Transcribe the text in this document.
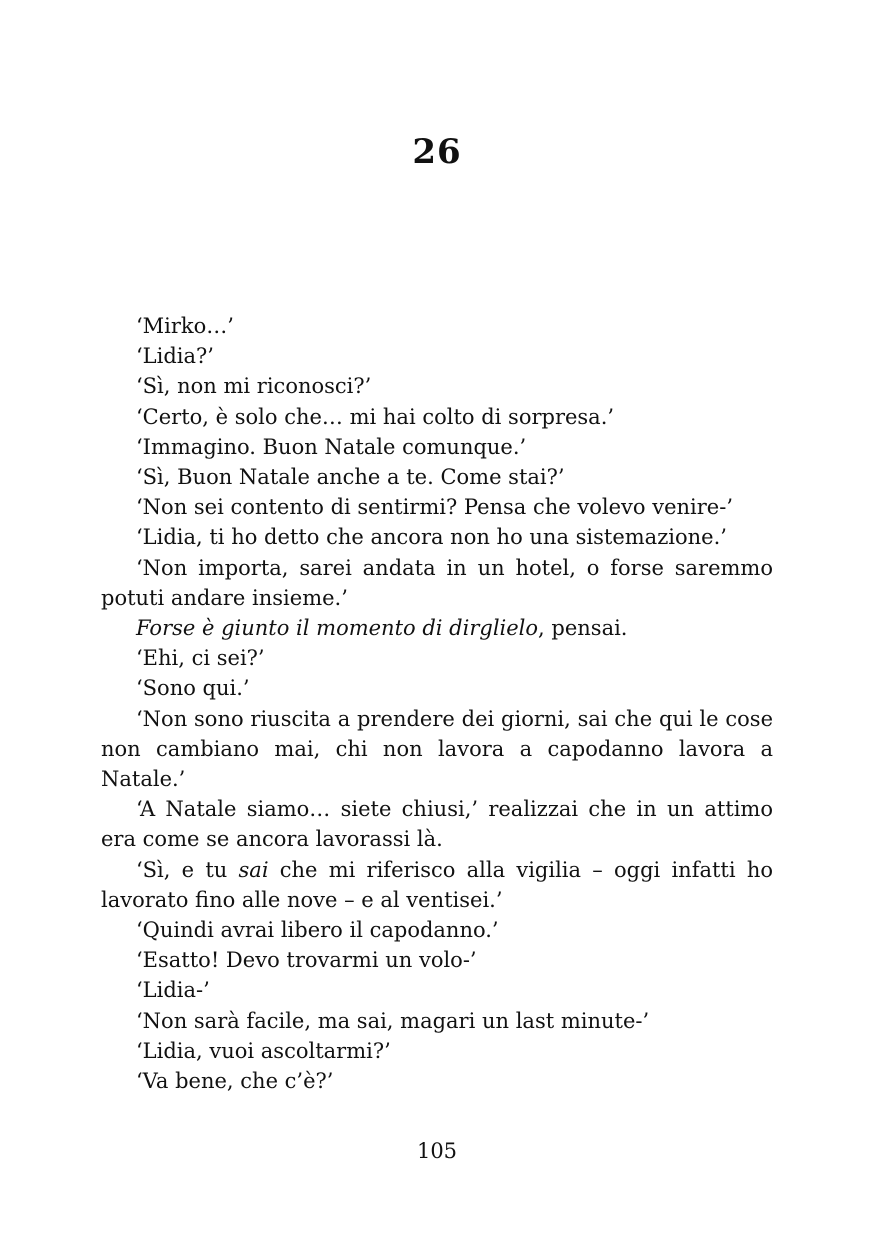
26

‘Mirko…’

‘Lidia?’

‘Sì, non mi riconosci?’

‘Certo, è solo che… mi hai colto di sorpresa.’

‘Immagino. Buon Natale comunque.’

‘Sì, Buon Natale anche a te. Come stai?’

‘Non sei contento di sentirmi? Pensa che volevo venire-’

‘Lidia, ti ho detto che ancora non ho una sistemazione.’

‘Non importa, sarei andata in un hotel, o forse saremmo potuti andare insieme.’

Forse è giunto il momento di dirglielo, pensai.

‘Ehi, ci sei?’

‘Sono qui.’

‘Non sono riuscita a prendere dei giorni, sai che qui le cose non cambiano mai, chi non lavora a capodanno lavora a Natale.’

‘A Natale siamo… siete chiusi,’ realizzai che in un attimo era come se ancora lavorassi là.

‘Sì, e tu sai che mi riferisco alla vigilia – oggi infatti ho lavorato fino alle nove – e al ventisei.’

‘Quindi avrai libero il capodanno.’

‘Esatto! Devo trovarmi un volo-’

‘Lidia-’

‘Non sarà facile, ma sai, magari un last minute-’

‘Lidia, vuoi ascoltarmi?’

‘Va bene, che c’è?’

105
